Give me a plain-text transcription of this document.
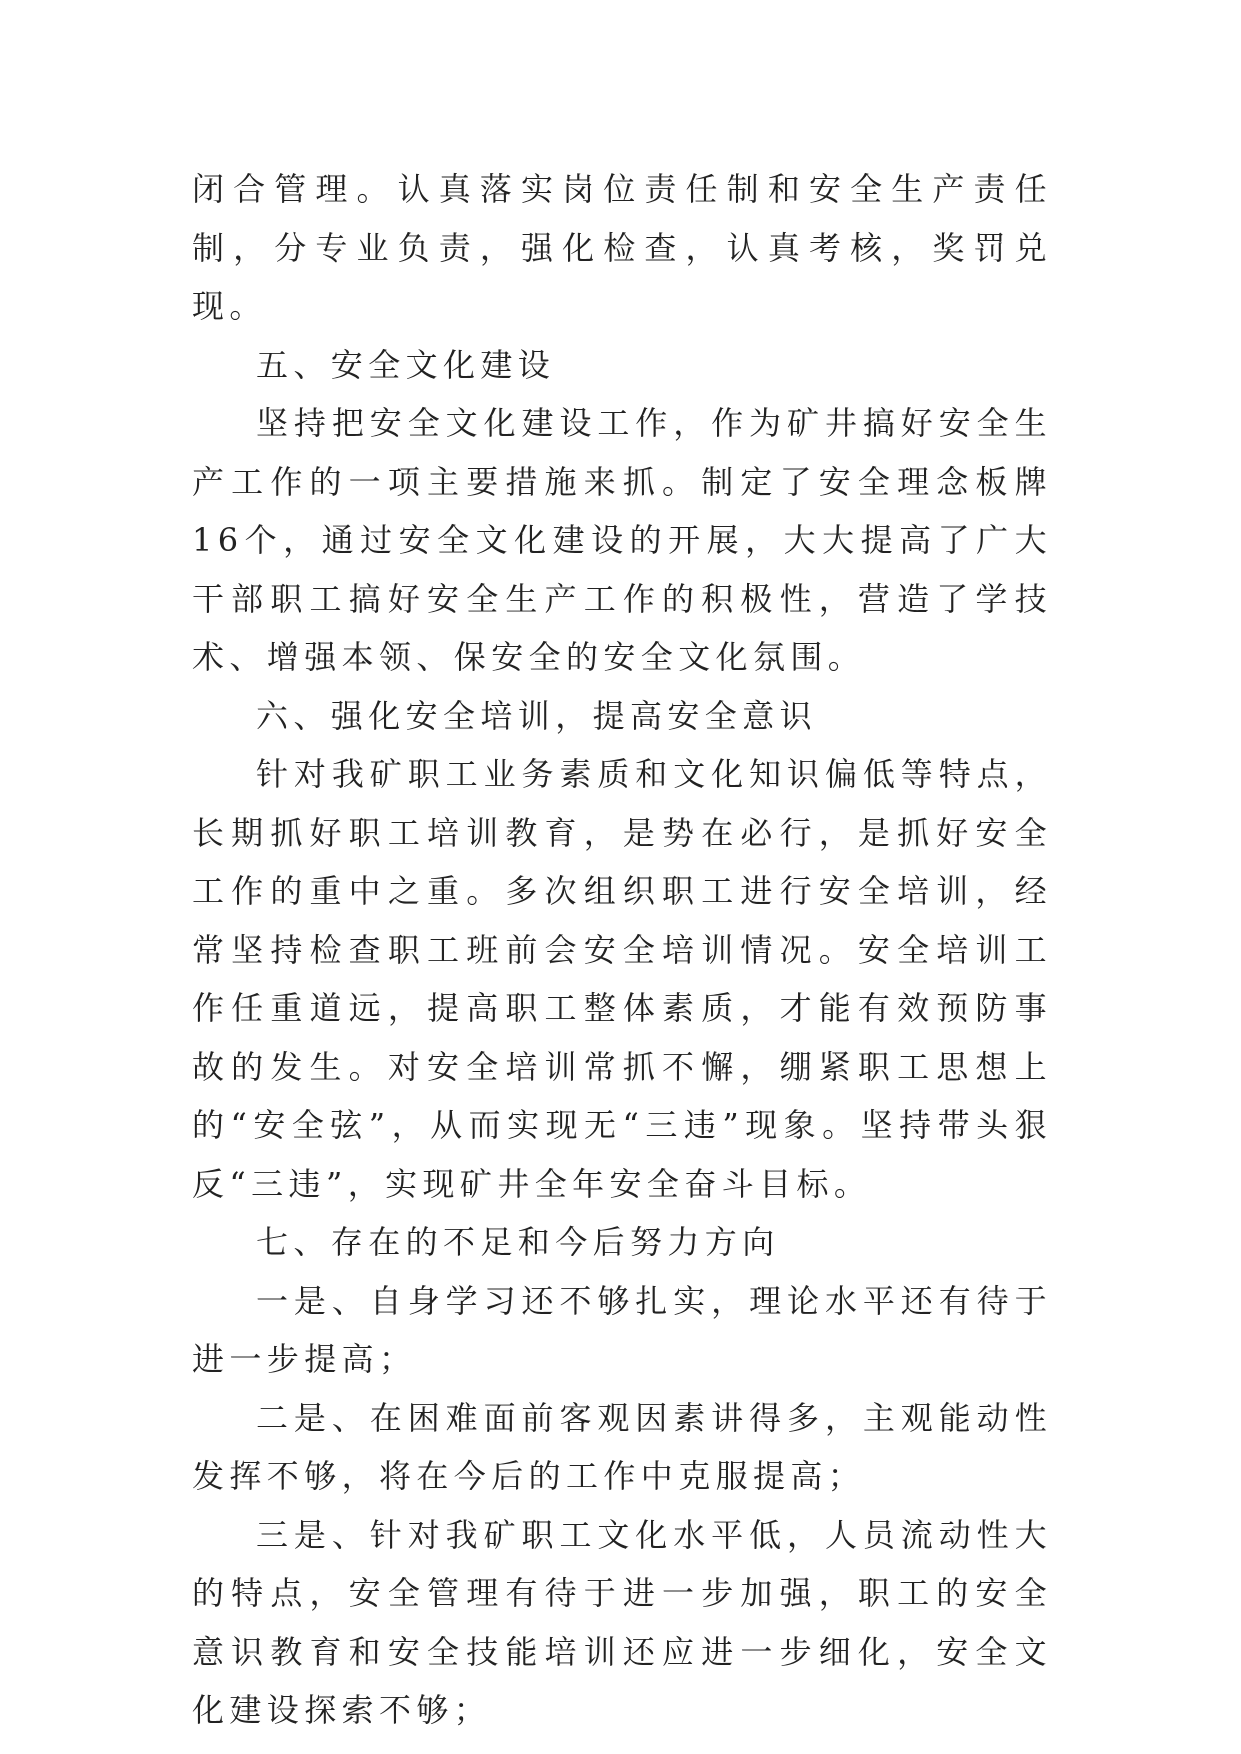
闭合管理。认真落实岗位责任制和安全生产责任制，分专业负责，强化检查，认真考核，奖罚兑现。

五、安全文化建设

坚持把安全文化建设工作，作为矿井搞好安全生产工作的一项主要措施来抓。制定了安全理念板牌16个，通过安全文化建设的开展，大大提高了广大干部职工搞好安全生产工作的积极性，营造了学技术、增强本领、保安全的安全文化氛围。

六、强化安全培训，提高安全意识

针对我矿职工业务素质和文化知识偏低等特点，长期抓好职工培训教育，是势在必行，是抓好安全工作的重中之重。多次组织职工进行安全培训，经常坚持检查职工班前会安全培训情况。安全培训工作任重道远，提高职工整体素质，才能有效预防事故的发生。对安全培训常抓不懈，绷紧职工思想上的“安全弦”，从而实现无“三违”现象。坚持带头狠反“三违”，实现矿井全年安全奋斗目标。

七、存在的不足和今后努力方向

一是、自身学习还不够扎实，理论水平还有待于进一步提高；

二是、在困难面前客观因素讲得多，主观能动性发挥不够，将在今后的工作中克服提高；

三是、针对我矿职工文化水平低，人员流动性大的特点，安全管理有待于进一步加强，职工的安全意识教育和安全技能培训还应进一步细化，安全文化建设探索不够；
